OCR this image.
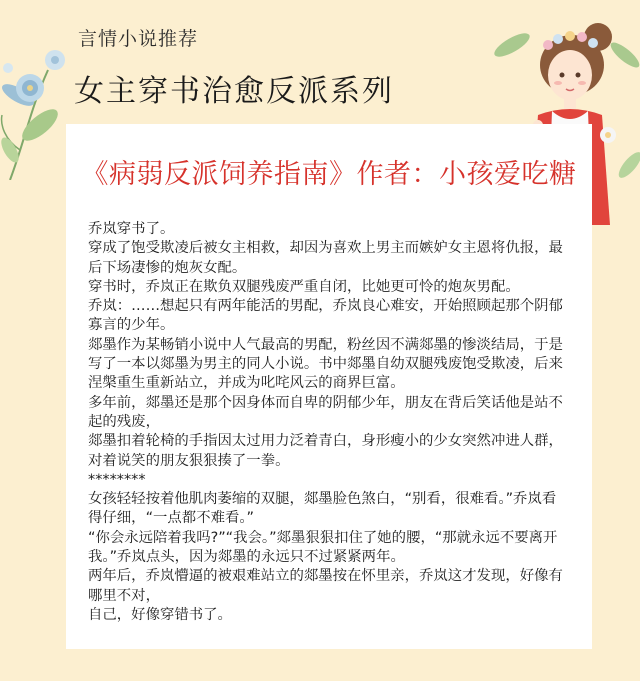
言情小说推荐
女主穿书治愈反派系列
《病弱反派饲养指南》作者：小孩爱吃糖

乔岚穿书了。

穿成了饱受欺凌后被女主相救，却因为喜欢上男主而嫉妒女主恩将仇报，最后下场凄惨的炮灰女配。

穿书时，乔岚正在欺负双腿残废严重自闭，比她更可怜的炮灰男配。

乔岚：……想起只有两年能活的男配，乔岚良心难安，开始照顾起那个阴郁寡言的少年。

郯墨作为某畅销小说中人气最高的男配，粉丝因不满郯墨的惨淡结局，于是写了一本以郯墨为男主的同人小说。书中郯墨自幼双腿残废饱受欺凌，后来涅槃重生重新站立，并成为叱咤风云的商界巨富。

多年前，郯墨还是那个因身体而自卑的阴郁少年，朋友在背后笑话他是站不起的残废，

郯墨扣着轮椅的手指因太过用力泛着青白，身形瘦小的少女突然冲进人群，对着说笑的朋友狠狠揍了一拳。

********

女孩轻轻按着他肌肉萎缩的双腿，郯墨脸色煞白，“别看，很难看。”乔岚看得仔细，“一点都不难看。”

“你会永远陪着我吗?”“我会。”郯墨狠狠扣住了她的腰，“那就永远不要离开我。”乔岚点头，因为郯墨的永远只不过紧紧两年。

两年后，乔岚懵逼的被艰难站立的郯墨按在怀里亲，乔岚这才发现，好像有哪里不对，

自己，好像穿错书了。
